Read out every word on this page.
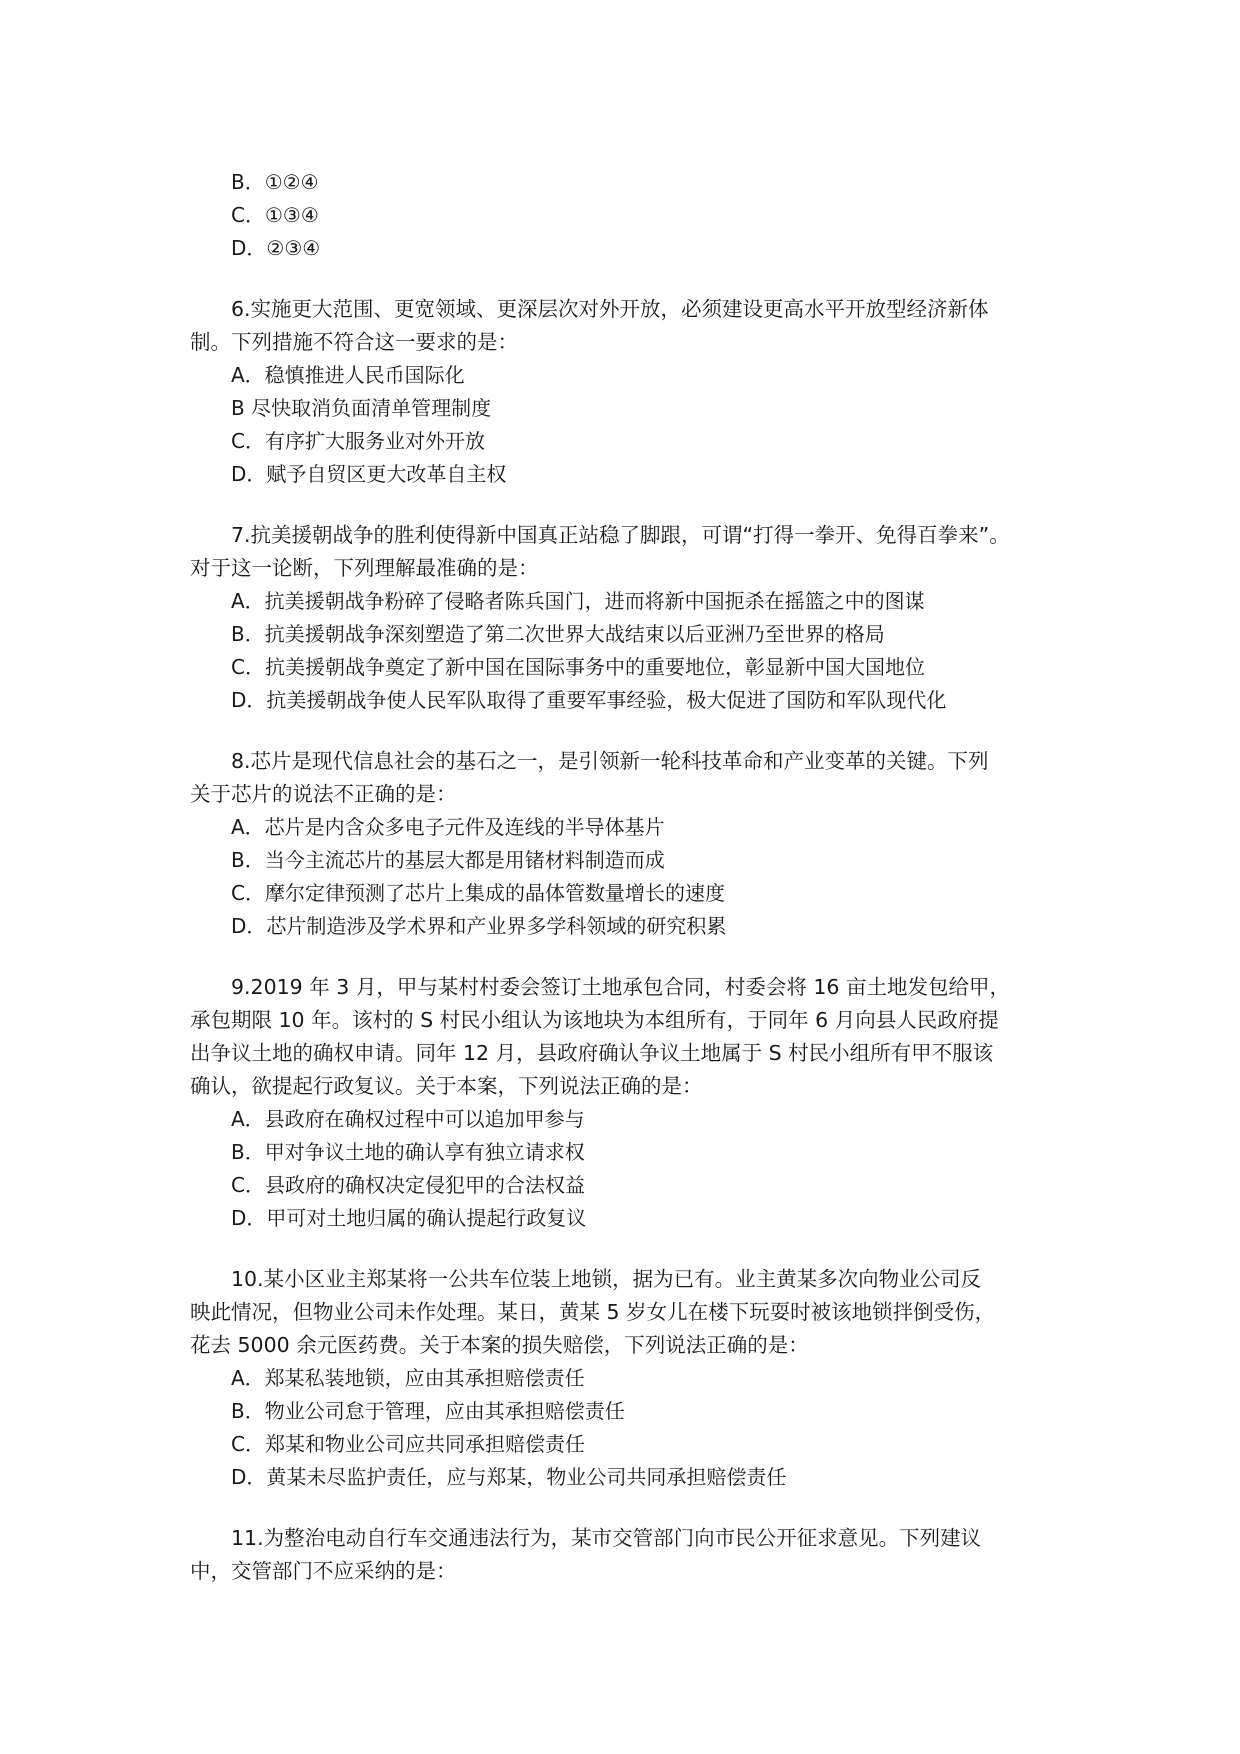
B．①②④
C．①③④
D．②③④
6.实施更大范围、更宽领域、更深层次对外开放，必须建设更高水平开放型经济新体
制。下列措施不符合这一要求的是：
A．稳慎推进人民币国际化
B 尽快取消负面清单管理制度
C．有序扩大服务业对外开放
D．赋予自贸区更大改革自主权
7.抗美援朝战争的胜利使得新中国真正站稳了脚跟，可谓“打得一拳开、免得百拳来”。
对于这一论断，下列理解最准确的是：
A．抗美援朝战争粉碎了侵略者陈兵国门，进而将新中国扼杀在摇篮之中的图谋
B．抗美援朝战争深刻塑造了第二次世界大战结束以后亚洲乃至世界的格局
C．抗美援朝战争奠定了新中国在国际事务中的重要地位，彰显新中国大国地位
D．抗美援朝战争使人民军队取得了重要军事经验，极大促进了国防和军队现代化
8.芯片是现代信息社会的基石之一，是引领新一轮科技革命和产业变革的关键。下列
关于芯片的说法不正确的是：
A．芯片是内含众多电子元件及连线的半导体基片
B．当今主流芯片的基层大都是用锗材料制造而成
C．摩尔定律预测了芯片上集成的晶体管数量增长的速度
D．芯片制造涉及学术界和产业界多学科领域的研究积累
9.2019 年 3 月，甲与某村村委会签订土地承包合同，村委会将 16 亩土地发包给甲，
承包期限 10 年。该村的 S 村民小组认为该地块为本组所有，于同年 6 月向县人民政府提
出争议土地的确权申请。同年 12 月，县政府确认争议土地属于 S 村民小组所有甲不服该
确认，欲提起行政复议。关于本案，下列说法正确的是：
A．县政府在确权过程中可以追加甲参与
B．甲对争议土地的确认享有独立请求权
C．县政府的确权决定侵犯甲的合法权益
D．甲可对土地归属的确认提起行政复议
10.某小区业主郑某将一公共车位装上地锁，据为已有。业主黄某多次向物业公司反
映此情况，但物业公司未作处理。某日，黄某 5 岁女儿在楼下玩耍时被该地锁拌倒受伤，
花去 5000 余元医药费。关于本案的损失赔偿，下列说法正确的是：
A．郑某私装地锁，应由其承担赔偿责任
B．物业公司怠于管理，应由其承担赔偿责任
C．郑某和物业公司应共同承担赔偿责任
D．黄某未尽监护责任，应与郑某，物业公司共同承担赔偿责任
11.为整治电动自行车交通违法行为，某市交管部门向市民公开征求意见。下列建议
中，交管部门不应采纳的是：
